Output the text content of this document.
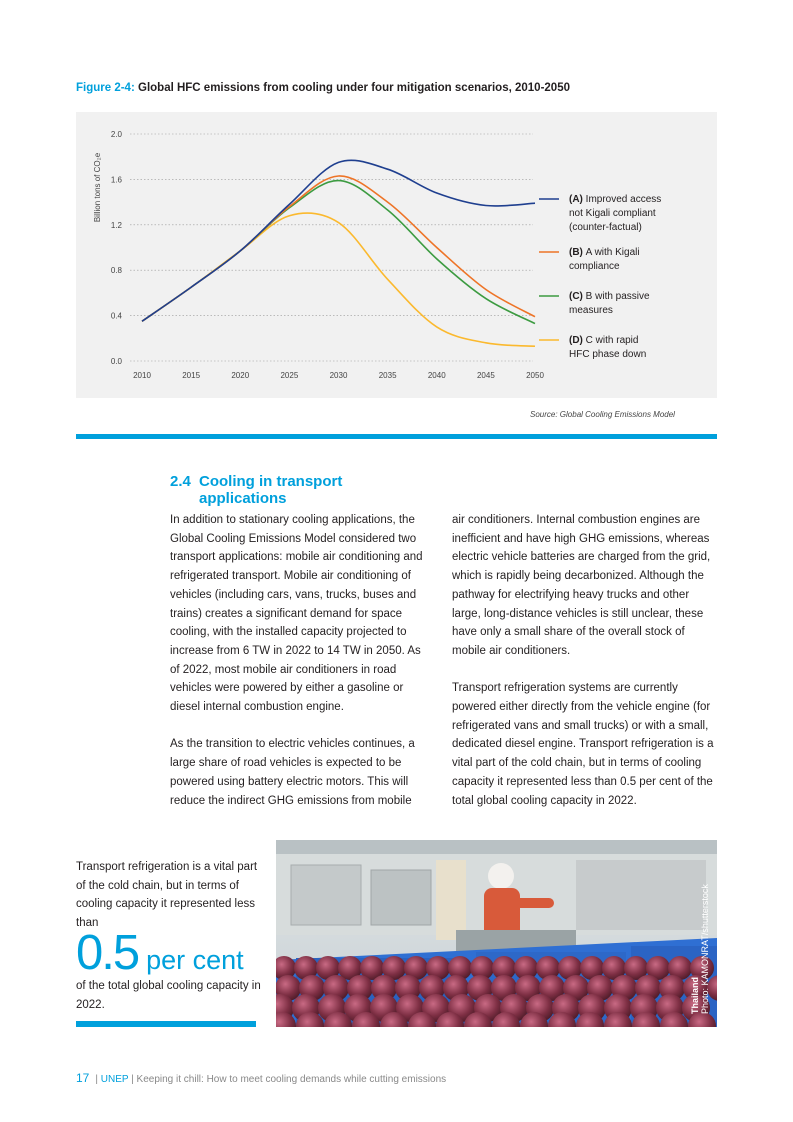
Figure 2-4: Global HFC emissions from cooling under four mitigation scenarios, 2010-2050
0.0
0.4
0.8
1.2
1.6
2.0
Billion tons of CO₂e
2010	2015	2020	2025	2030	2035	2040	2045	2050
(A) Improved access
not Kigali compliant
(counter-factual)
(B) A with Kigali
compliance
(C) B with passive
measures
(D) C with rapid
HFC phase down
Source: Global Cooling Emissions Model
2.4 Cooling in transport
applications

In addition to stationary cooling applications, the Global Cooling Emissions Model considered two transport applications: mobile air conditioning and refrigerated transport. Mobile air conditioning of vehicles (including cars, vans, trucks, buses and trains) creates a significant demand for space cooling, with the installed capacity projected to increase from 6 TW in 2022 to 14 TW in 2050. As of 2022, most mobile air conditioners in road vehicles were powered by either a gasoline or diesel internal combustion engine.

As the transition to electric vehicles continues, a large share of road vehicles is expected to be powered using battery electric motors. This will reduce the indirect GHG emissions from mobile

air conditioners. Internal combustion engines are inefficient and have high GHG emissions, whereas electric vehicle batteries are charged from the grid, which is rapidly being decarbonized. Although the pathway for electrifying heavy trucks and other large, long-distance vehicles is still unclear, these have only a small share of the overall stock of mobile air conditioners.

Transport refrigeration systems are currently powered either directly from the vehicle engine (for refrigerated vans and small trucks) or with a small, dedicated diesel engine. Transport refrigeration is a vital part of the cold chain, but in terms of cooling capacity it represented less than 0.5 per cent of the total global cooling capacity in 2022.

Transport refrigeration is a vital part of the cold chain, but in terms of cooling capacity it represented less than
0.5 per cent
of the total global cooling capacity in 2022.	Thailand Photo: KAMONRAT/shutterstock
17 | UNEP | Keeping it chill: How to meet cooling demands while cutting emissions
